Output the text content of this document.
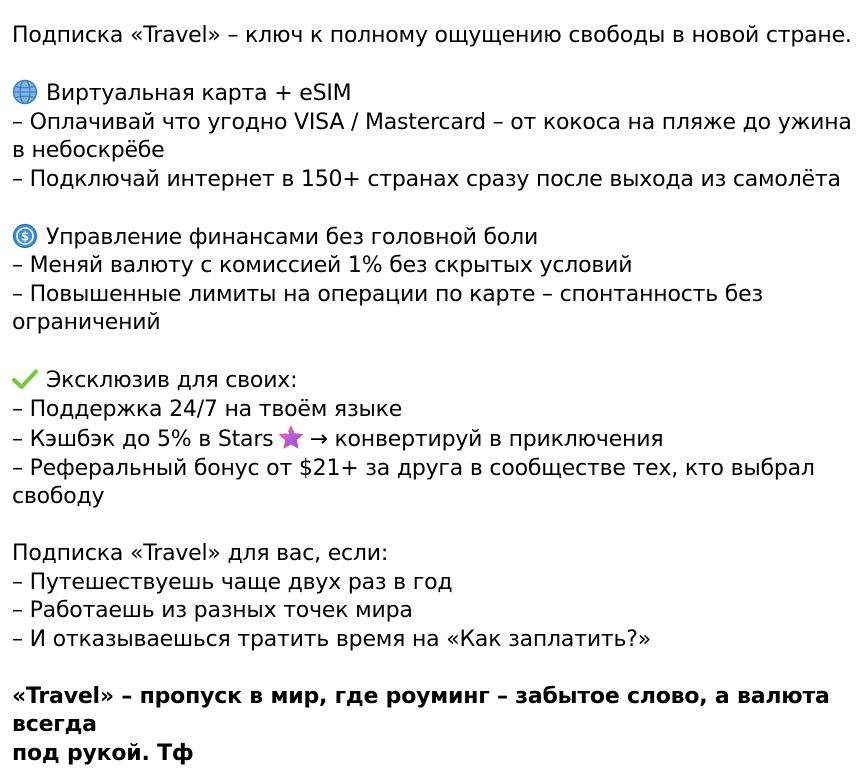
Подписка «Travel» – ключ к полному ощущению свободы в новой стране.
Виртуальная карта + eSIM
– Оплачивай что угодно VISA / Mastercard – от кокоса на пляже до ужина в небоскрёбе
– Подключай интернет в 150+ странах сразу после выхода из самолёта
$ Управление финансами без головной боли
– Меняй валюту с комиссией 1% без скрытых условий
– Повышенные лимиты на операции по карте – спонтанность без ограничений
Эксклюзив для своих:
– Поддержка 24/7 на твоём языке
– Кэшбэк до 5% в Stars → конвертируй в приключения
– Реферальный бонус от $21+ за друга в сообществе тех, кто выбрал свободу
Подписка «Travel» для вас, если:
– Путешествуешь чаще двух раз в год
– Работаешь из разных точек мира
– И отказываешься тратить время на «Как заплатить?»
«Travel» – пропуск в мир, где роуминг – забытое слово, а валюта всегда
под рукой. Тф
